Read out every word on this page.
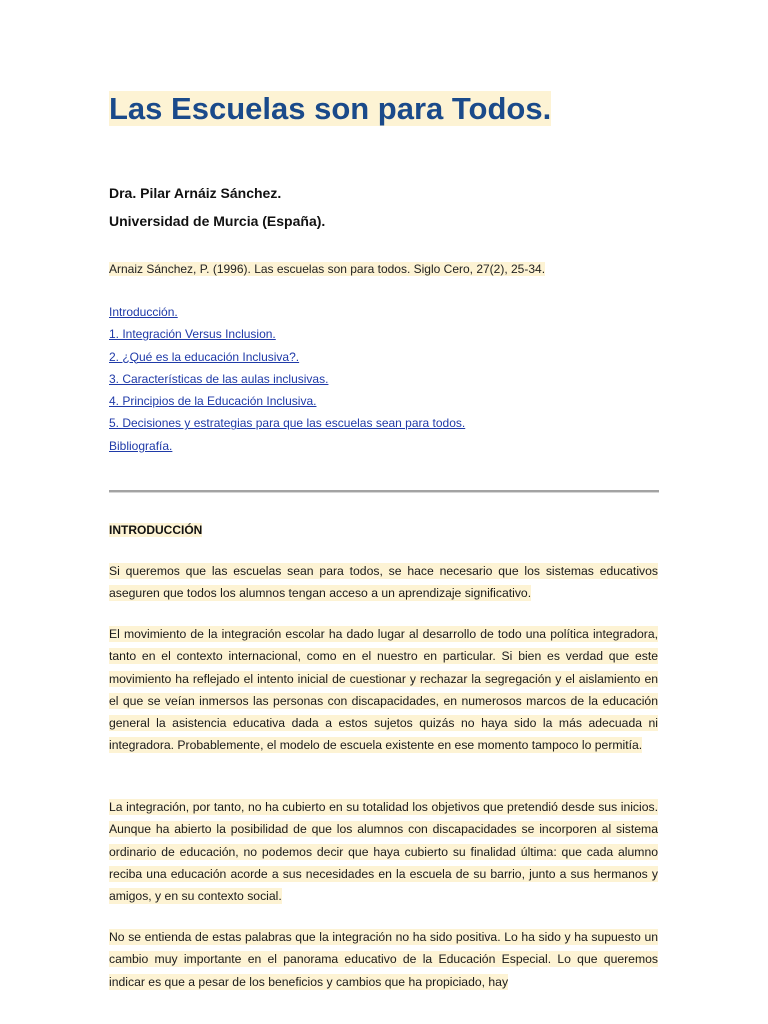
Las Escuelas son para Todos.

Dra. Pilar Arnáiz Sánchez.

Universidad de Murcia (España).

Arnaiz Sánchez, P. (1996). Las escuelas son para todos. Siglo Cero, 27(2), 25-34.

Introducción.
1. Integración Versus Inclusion.
2. ¿Qué es la educación Inclusiva?.
3. Características de las aulas inclusivas.
4. Principios de la Educación Inclusiva.
5. Decisiones y estrategias para que las escuelas sean para todos.
Bibliografía.
INTRODUCCIÓN

Si queremos que las escuelas sean para todos, se hace necesario que los sistemas educativos aseguren que todos los alumnos tengan acceso a un aprendizaje significativo.

El movimiento de la integración escolar ha dado lugar al desarrollo de todo una política integradora, tanto en el contexto internacional, como en el nuestro en particular. Si bien es verdad que este movimiento ha reflejado el intento inicial de cuestionar y rechazar la segregación y el aislamiento en el que se veían inmersos las personas con discapacidades, en numerosos marcos de la educación general la asistencia educativa dada a estos sujetos quizás no haya sido la más adecuada ni integradora. Probablemente, el modelo de escuela existente en ese momento tampoco lo permitía.

La integración, por tanto, no ha cubierto en su totalidad los objetivos que pretendió desde sus inicios. Aunque ha abierto la posibilidad de que los alumnos con discapacidades se incorporen al sistema ordinario de educación, no podemos decir que haya cubierto su finalidad última: que cada alumno reciba una educación acorde a sus necesidades en la escuela de su barrio, junto a sus hermanos y amigos, y en su contexto social.

No se entienda de estas palabras que la integración no ha sido positiva. Lo ha sido y ha supuesto un cambio muy importante en el panorama educativo de la Educación Especial. Lo que queremos indicar es que a pesar de los beneficios y cambios que ha propiciado, hay
